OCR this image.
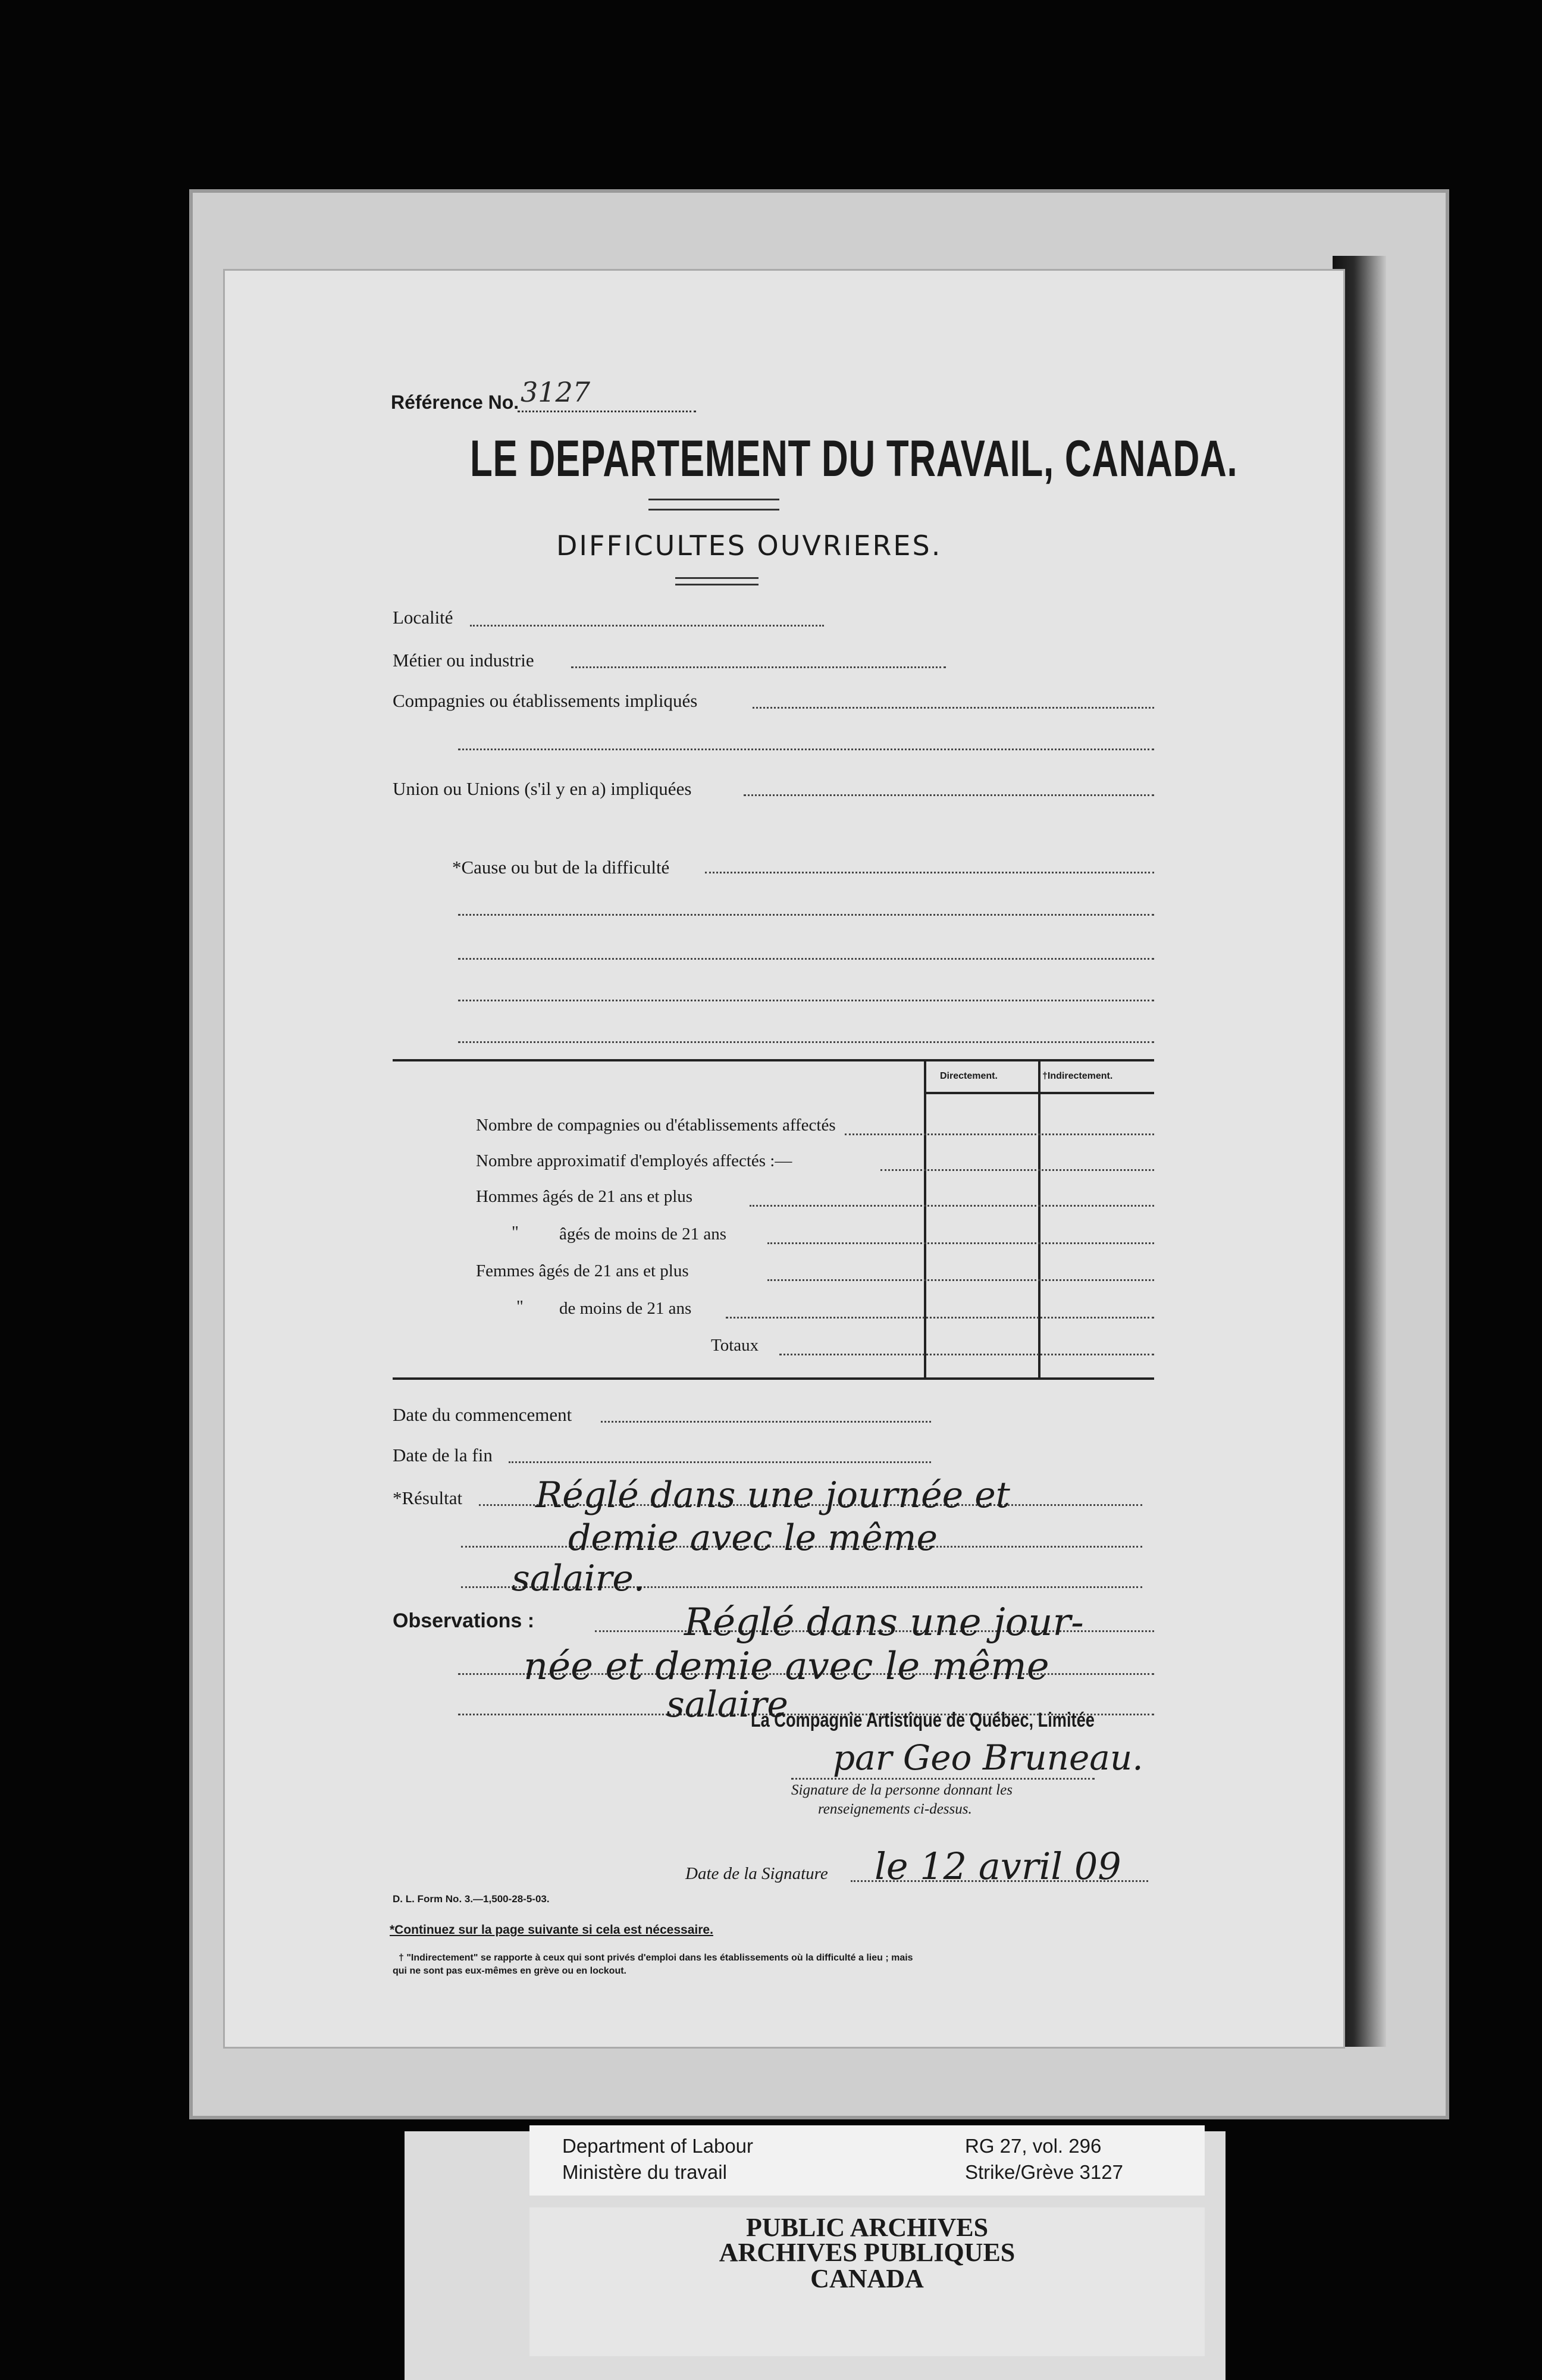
Référence No. 3127
LE DEPARTEMENT DU TRAVAIL, CANADA.
DIFFICULTES OUVRIERES.
Localité
Métier ou industrie
Compagnies ou établissements impliqués
Union ou Unions (s'il y en a) impliquées
*Cause ou but de la difficulté
Directement.	†Indirectement.
Nombre de compagnies ou d'établissements affectés
Nombre approximatif d'employés affectés :—
Hommes âgés de 21 ans et plus
" âgés de moins de 21 ans
Femmes âgés de 21 ans et plus
" de moins de 21 ans
Totaux
Date du commencement
Date de la fin
*Résultat Réglé dans une journée et
demie avec le même
salaire.
Observations :	Réglé dans une jour-
née et demie avec le même
salaire
La Compagnie Artistique de Québec, Limitée
par Geo Bruneau.
Signature de la personne donnant les
renseignements ci-dessus.
Date de la Signature le 12 avril 09
D. L. Form No. 3.—1,500-28-5-03.
*Continuez sur la page suivante si cela est nécessaire.
† "Indirectement" se rapporte à ceux qui sont privés d'emploi dans les établissements où la difficulté a lieu ; mais
qui ne sont pas eux-mêmes en grève ou en lockout.
Department of Labour
Ministère du travail
RG 27, vol. 296
Strike/Grève 3127
PUBLIC ARCHIVES
ARCHIVES PUBLIQUES
CANADA
